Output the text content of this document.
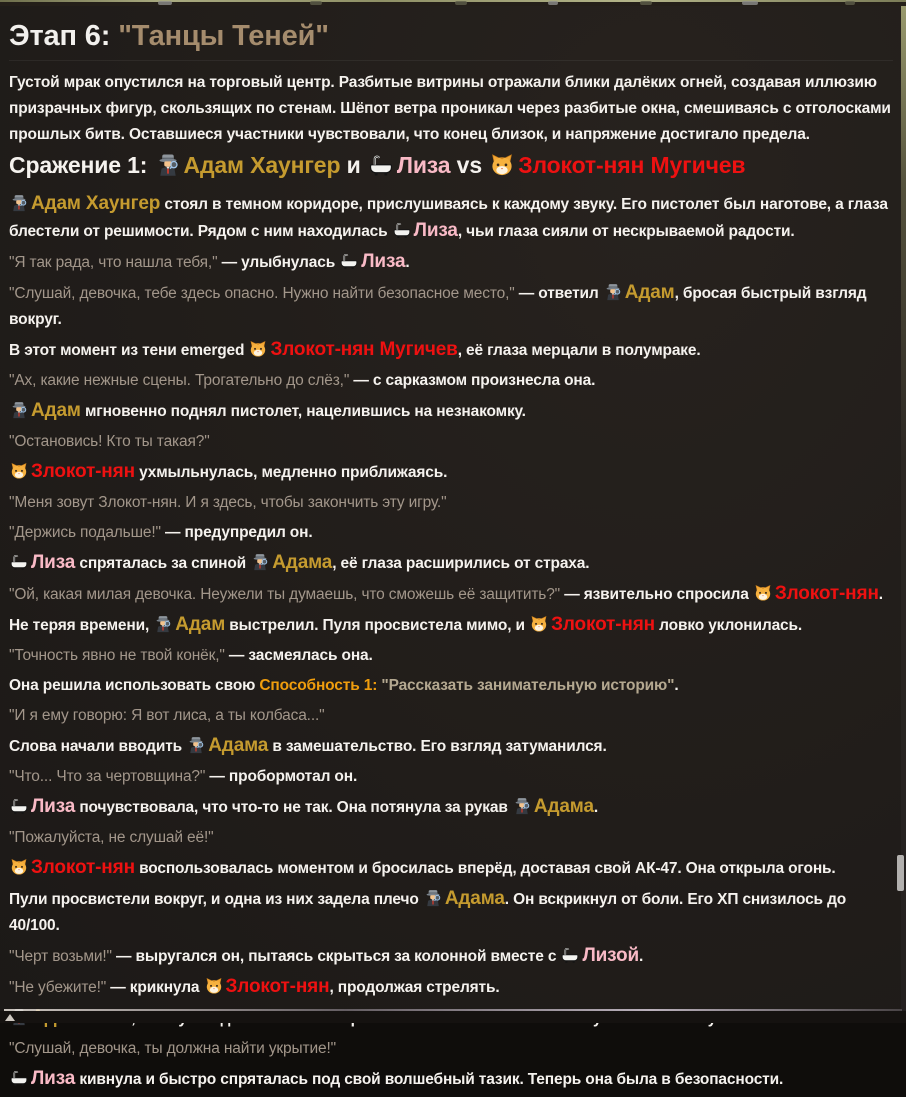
Этап 6: "Танцы Теней"

Густой мрак опустился на торговый центр. Разбитые витрины отражали блики далёких огней, создавая иллюзию призрачных фигур, скользящих по стенам. Шёпот ветра проникал через разбитые окна, смешиваясь с отголосками прошлых битв. Оставшиеся участники чувствовали, что конец близок, и напряжение достигало предела.

Сражение 1: Адам Хаунгер и Лиза vs Злокот-нян Мугичев

Адам Хаунгер стоял в темном коридоре, прислушиваясь к каждому звуку. Его пистолет был наготове, а глаза блестели от решимости. Рядом с ним находилась Лиза, чьи глаза сияли от нескрываемой радости.

"Я так рада, что нашла тебя," — улыбнулась Лиза.

"Слушай, девочка, тебе здесь опасно. Нужно найти безопасное место," — ответил Адам, бросая быстрый взгляд вокруг.

В этот момент из тени emerged Злокот-нян Мугичев, её глаза мерцали в полумраке.

"Ах, какие нежные сцены. Трогательно до слёз," — с сарказмом произнесла она.

Адам мгновенно поднял пистолет, нацелившись на незнакомку.

"Остановись! Кто ты такая?"

Злокот-нян ухмыльнулась, медленно приближаясь.

"Меня зовут Злокот-нян. И я здесь, чтобы закончить эту игру."

"Держись подальше!" — предупредил он.

Лиза спряталась за спиной Адама, её глаза расширились от страха.

"Ой, какая милая девочка. Неужели ты думаешь, что сможешь её защитить?" — язвительно спросила Злокот-нян.

Не теряя времени, Адам выстрелил. Пуля просвистела мимо, и Злокот-нян ловко уклонилась.

"Точность явно не твой конёк," — засмеялась она.

Она решила использовать свою Способность 1: "Рассказать занимательную историю".

"И я ему говорю: Я вот лиса, а ты колбаса..."

Слова начали вводить Адама в замешательство. Его взгляд затуманился.

"Что... Что за чертовщина?" — пробормотал он.

Лиза почувствовала, что что-то не так. Она потянула за рукав Адама.

"Пожалуйста, не слушай её!"

Злокот-нян воспользовалась моментом и бросилась вперёд, доставая свой АК-47. Она открыла огонь.

Пули просвистели вокруг, и одна из них задела плечо Адама. Он вскрикнул от боли. Его ХП снизилось до 40/100.

"Черт возьми!" — выругался он, пытаясь скрыться за колонной вместе с Лизой.

"Не убежите!" — крикнула Злокот-нян, продолжая стрелять.

"Слушай, девочка, ты должна найти укрытие!"

Лиза кивнула и быстро спряталась под свой волшебный тазик. Теперь она была в безопасности.
